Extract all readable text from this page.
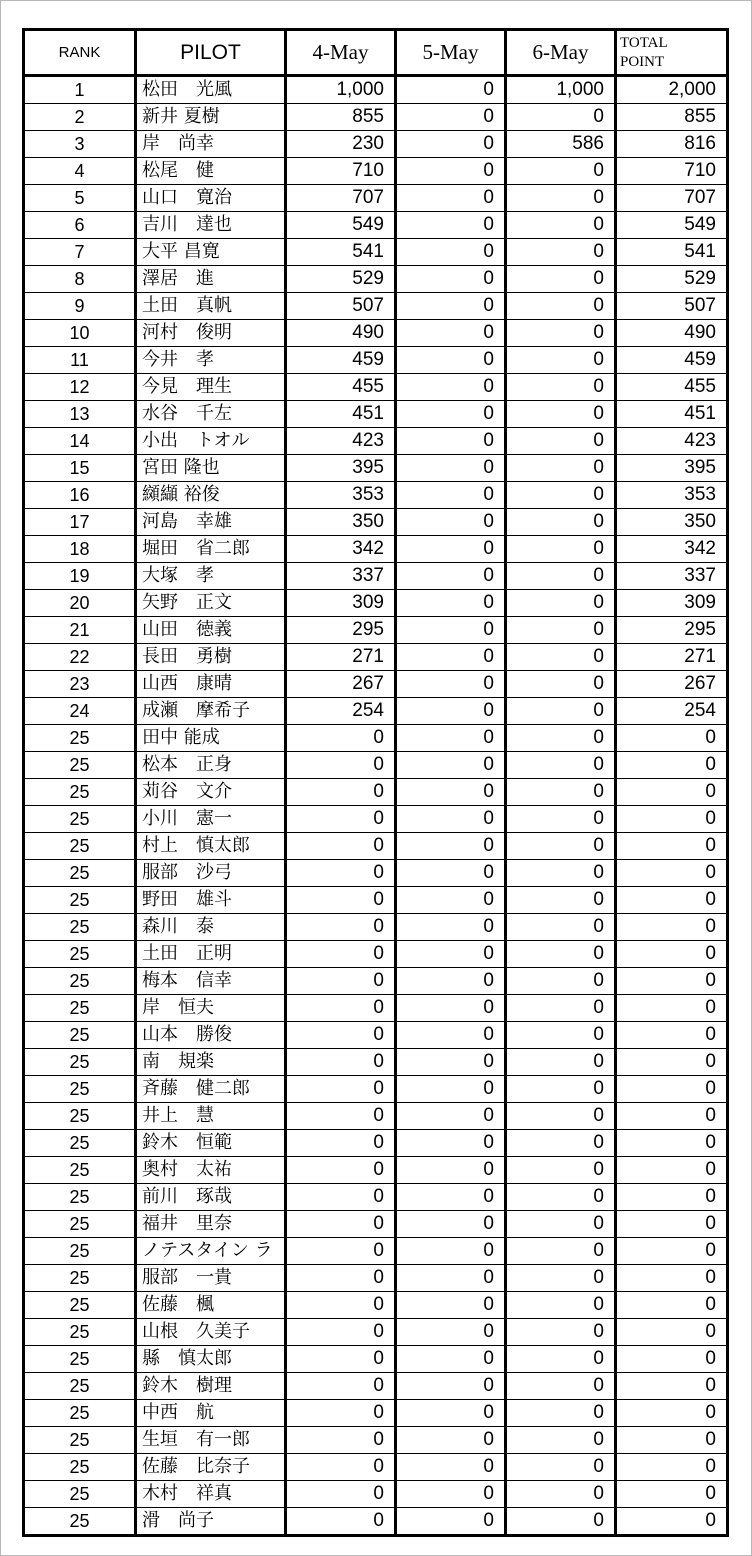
RANK	PILOT	4-May	5-May	6-May	TOTAL
POINT

1	松田　光風	1,000	0	1,000	2,000
2	新井 夏樹	855	0	0	855
3	岸　尚幸	230	0	586	816
4	松尾　健	710	0	0	710
5	山口　寛治	707	0	0	707
6	吉川　達也	549	0	0	549
7	大平 昌寛	541	0	0	541
8	澤居　進	529	0	0	529
9	土田　真帆	507	0	0	507
10	河村　俊明	490	0	0	490
11	今井　孝	459	0	0	459
12	今見　理生	455	0	0	455
13	水谷　千左	451	0	0	451
14	小出　トオル	423	0	0	423
15	宮田 隆也	395	0	0	395
16	纐纈 裕俊	353	0	0	353
17	河島　幸雄	350	0	0	350
18	堀田　省二郎	342	0	0	342
19	大塚　孝	337	0	0	337
20	矢野　正文	309	0	0	309
21	山田　徳義	295	0	0	295
22	長田　勇樹	271	0	0	271
23	山西　康晴	267	0	0	267
24	成瀬　摩希子	254	0	0	254
25	田中 能成	0	0	0	0
25	松本　正身	0	0	0	0
25	苅谷　文介	0	0	0	0
25	小川　憲一	0	0	0	0
25	村上　慎太郎	0	0	0	0
25	服部　沙弓	0	0	0	0
25	野田　雄斗	0	0	0	0
25	森川　泰	0	0	0	0
25	土田　正明	0	0	0	0
25	梅本　信幸	0	0	0	0
25	岸　恒夫	0	0	0	0
25	山本　勝俊	0	0	0	0
25	南　規楽	0	0	0	0
25	斉藤　健二郎	0	0	0	0
25	井上　慧	0	0	0	0
25	鈴木　恒範	0	0	0	0
25	奥村　太祐	0	0	0	0
25	前川　琢哉	0	0	0	0
25	福井　里奈	0	0	0	0
25	ノテスタイン ラ	0	0	0	0
25	服部　一貴	0	0	0	0
25	佐藤　楓	0	0	0	0
25	山根　久美子	0	0	0	0
25	縣　慎太郎	0	0	0	0
25	鈴木　樹理	0	0	0	0
25	中西　航	0	0	0	0
25	生垣　有一郎	0	0	0	0
25	佐藤　比奈子	0	0	0	0
25	木村　祥真	0	0	0	0
25	滑　尚子	0	0	0	0
